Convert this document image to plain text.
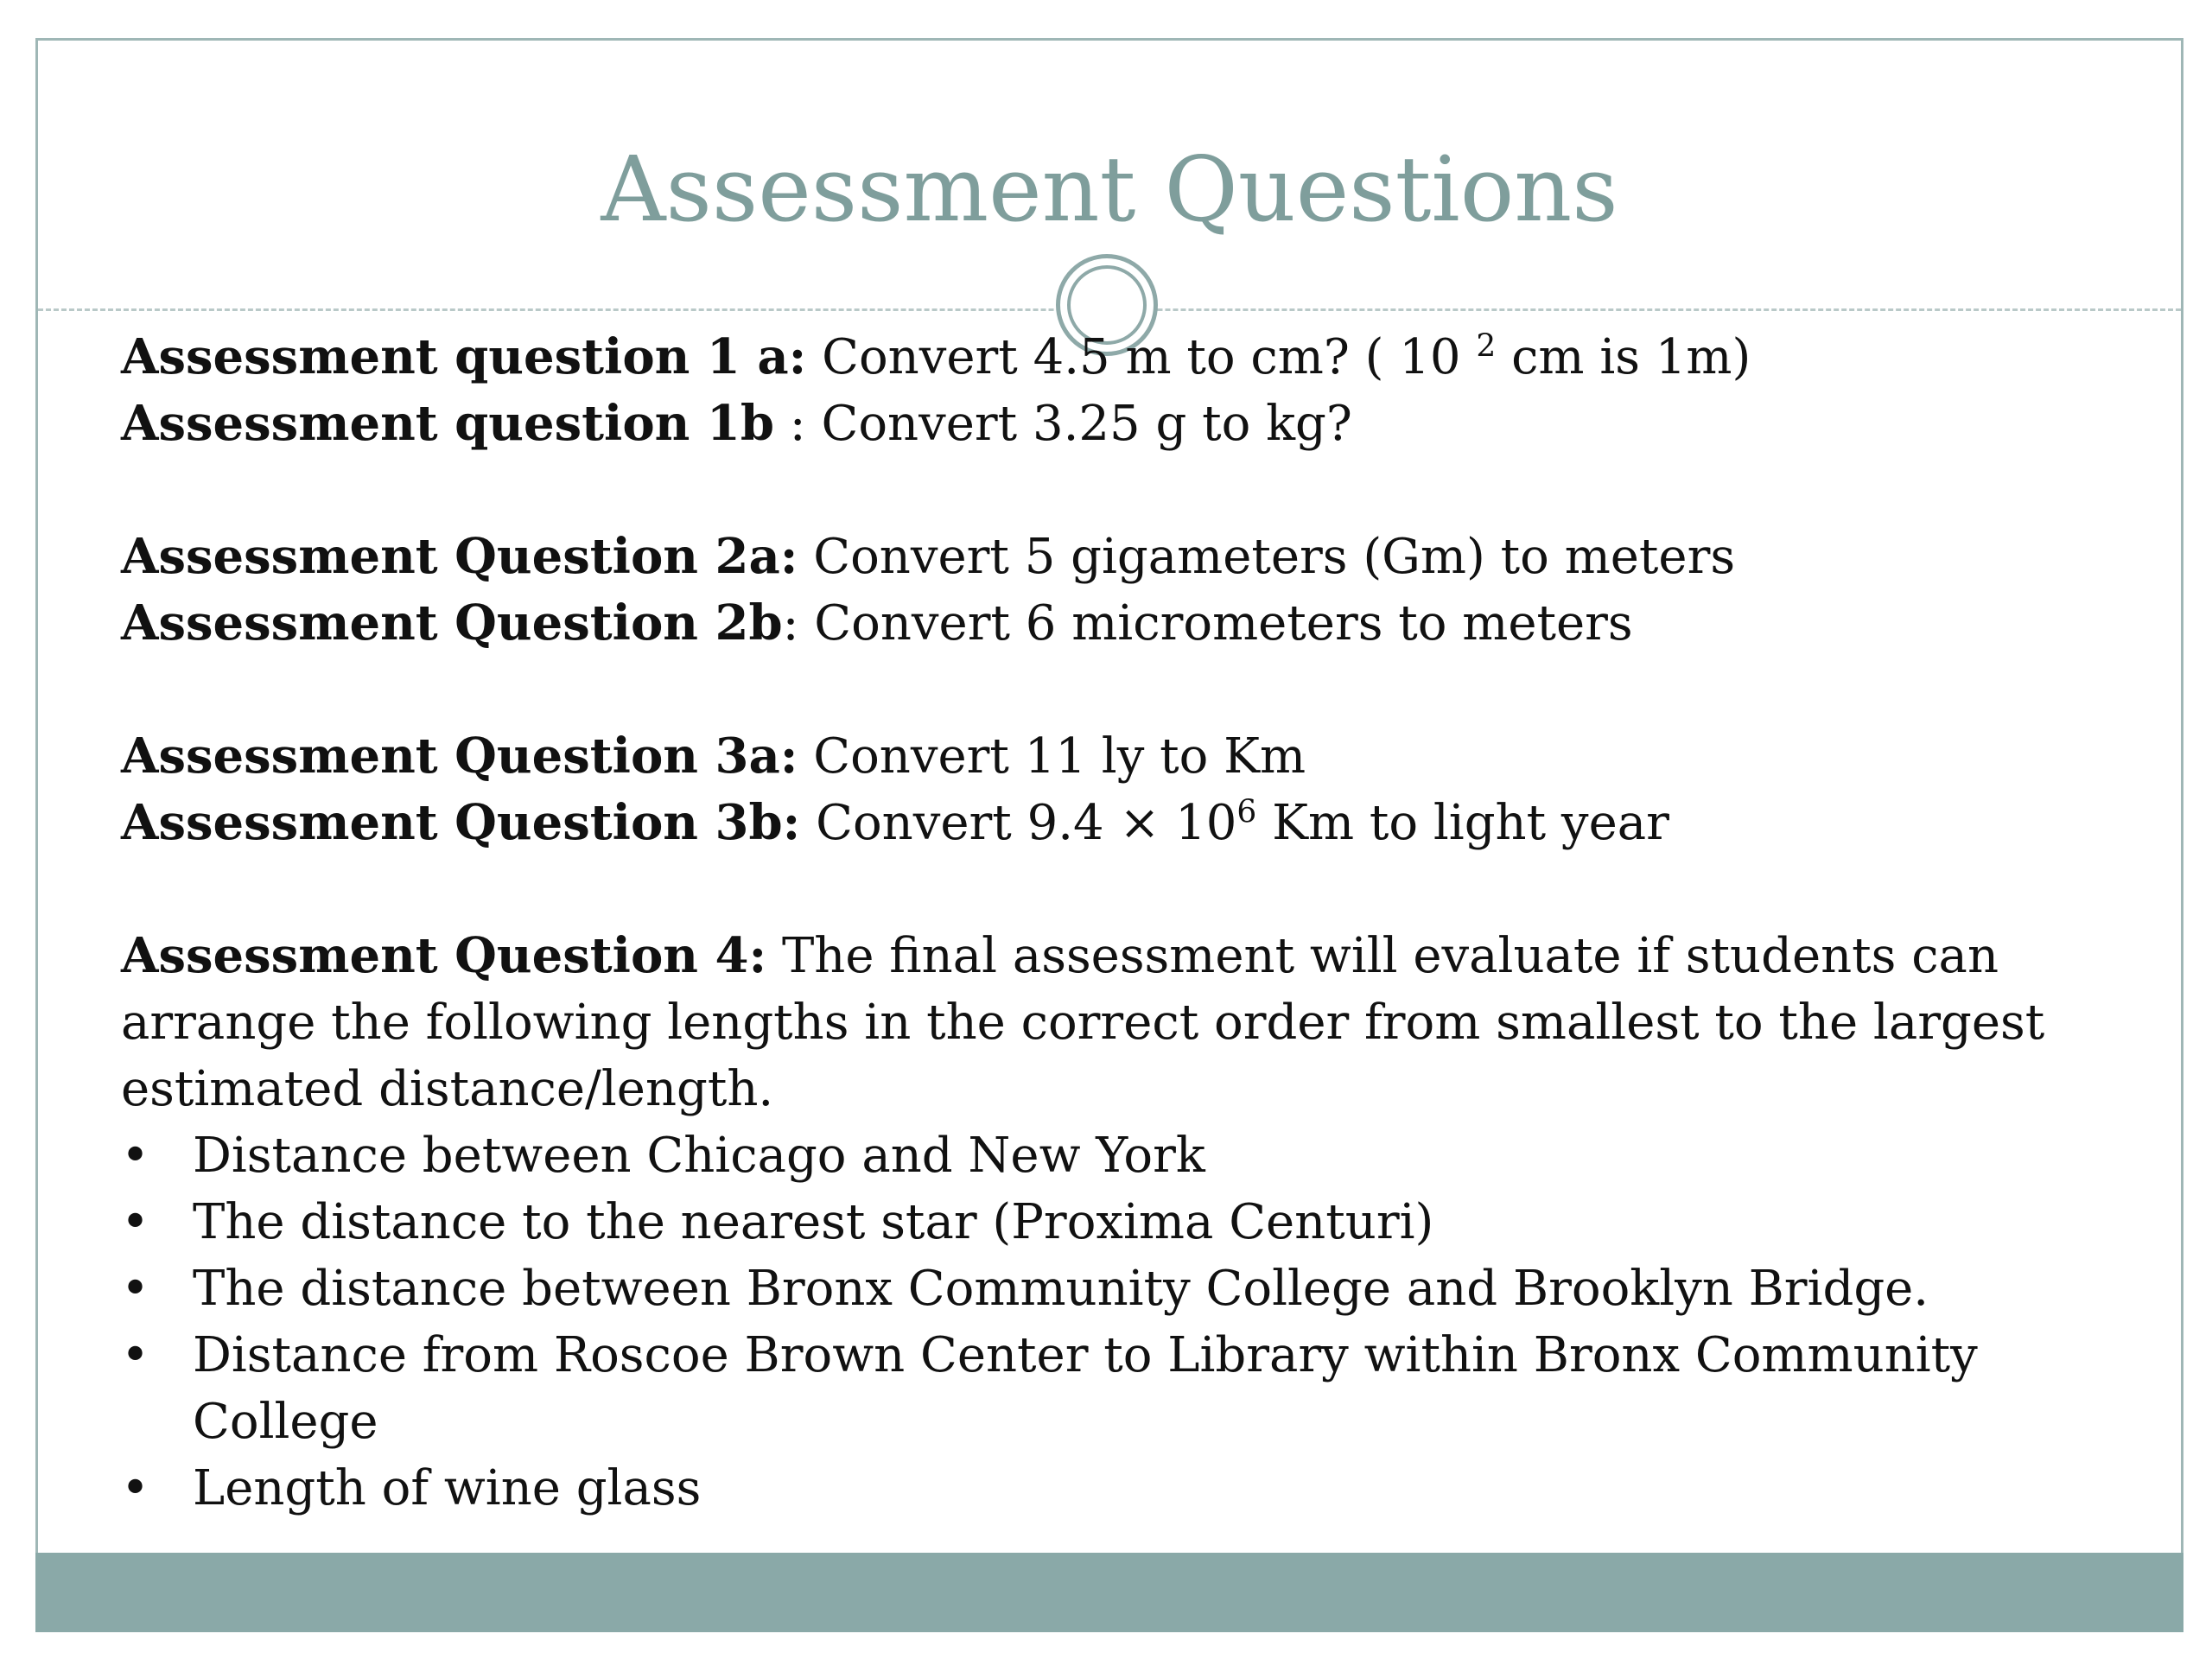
Assessment Questions
Assessment question 1 a: Convert 4.5 m to cm? ( 10 $^2$ cm is 1m)
Assessment question 1b : Convert 3.25 g to kg?
Assessment Question 2a: Convert 5 gigameters (Gm) to meters
Assessment Question 2b: Convert 6 micrometers to meters
Assessment Question 3a: Convert 11 ly to Km
Assessment Question 3b: Convert $9.4 \times 10^6$ Km to light year
Assessment Question 4: The final assessment will evaluate if students can arrange the following lengths in the correct order from smallest to the largest estimated distance/length.
• Distance between Chicago and New York
• The distance to the nearest star (Proxima Centuri)
• The distance between Bronx Community College and Brooklyn Bridge.
• Distance from Roscoe Brown Center to Library within Bronx Community College
• Length of wine glass
